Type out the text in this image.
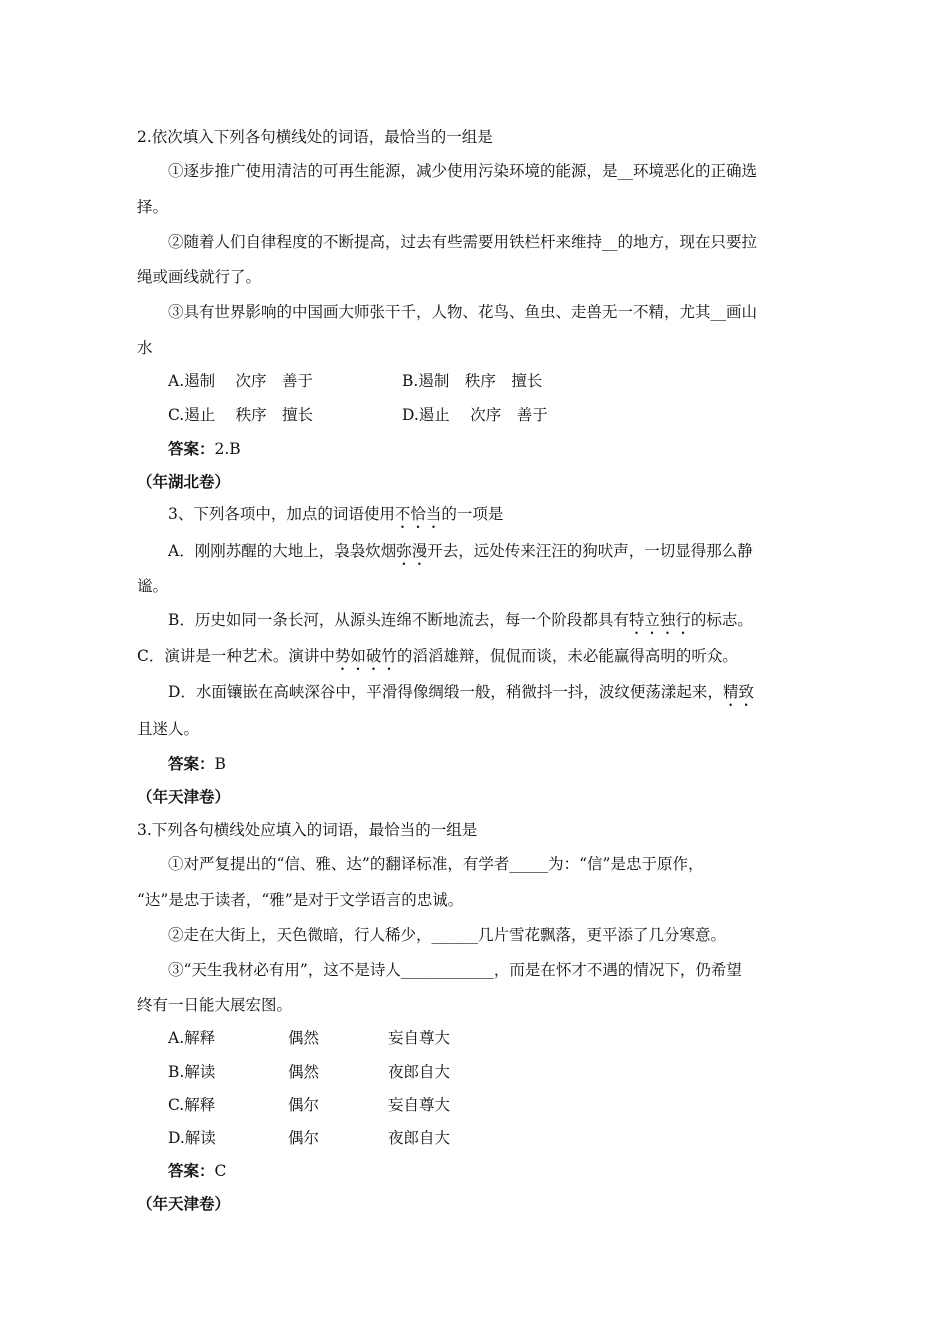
2.依次填入下列各句横线处的词语，最恰当的一组是
①逐步推广使用清洁的可再生能源，减少使用污染环境的能源，是__环境恶化的正确选
择。
②随着人们自律程度的不断提高，过去有些需要用铁栏杆来维持__的地方，现在只要拉
绳或画线就行了。
③具有世界影响的中国画大师张干千，人物、花鸟、鱼虫、走兽无一不精，尤其__画山
水
A.遏制　 次序　善于	B.遏制　秩序　擅长
C.遏止　 秩序　擅长	D.遏止　 次序　善于
答案：2.B
（年湖北卷）
3、下列各项中，加点的词语使用不恰当的一项是
A．刚刚苏醒的大地上，袅袅炊烟弥漫开去，远处传来汪汪的狗吠声，一切显得那么静
谧。
B．历史如同一条长河，从源头连绵不断地流去，每一个阶段都具有特立独行的标志。
C．演讲是一种艺术。演讲中势如破竹的滔滔雄辩，侃侃而谈，未必能赢得高明的听众。
D．水面镶嵌在高峡深谷中，平滑得像绸缎一般，稍微抖一抖，波纹便荡漾起来，精致
且迷人。
答案：B
（年天津卷）
3.下列各句横线处应填入的词语，最恰当的一组是
①对严复提出的“信、雅、达”的翻译标准，有学者_____为：“信”是忠于原作，
“达”是忠于读者，“雅”是对于文学语言的忠诚。
②走在大街上，天色微暗，行人稀少，______几片雪花飘落，更平添了几分寒意。
③“天生我材必有用”，这不是诗人____________，而是在怀才不遇的情况下，仍希望
终有一日能大展宏图。
A.解释	偶然	妄自尊大
B.解读	偶然	夜郎自大
C.解释	偶尔	妄自尊大
D.解读	偶尔	夜郎自大
答案：C
（年天津卷）
